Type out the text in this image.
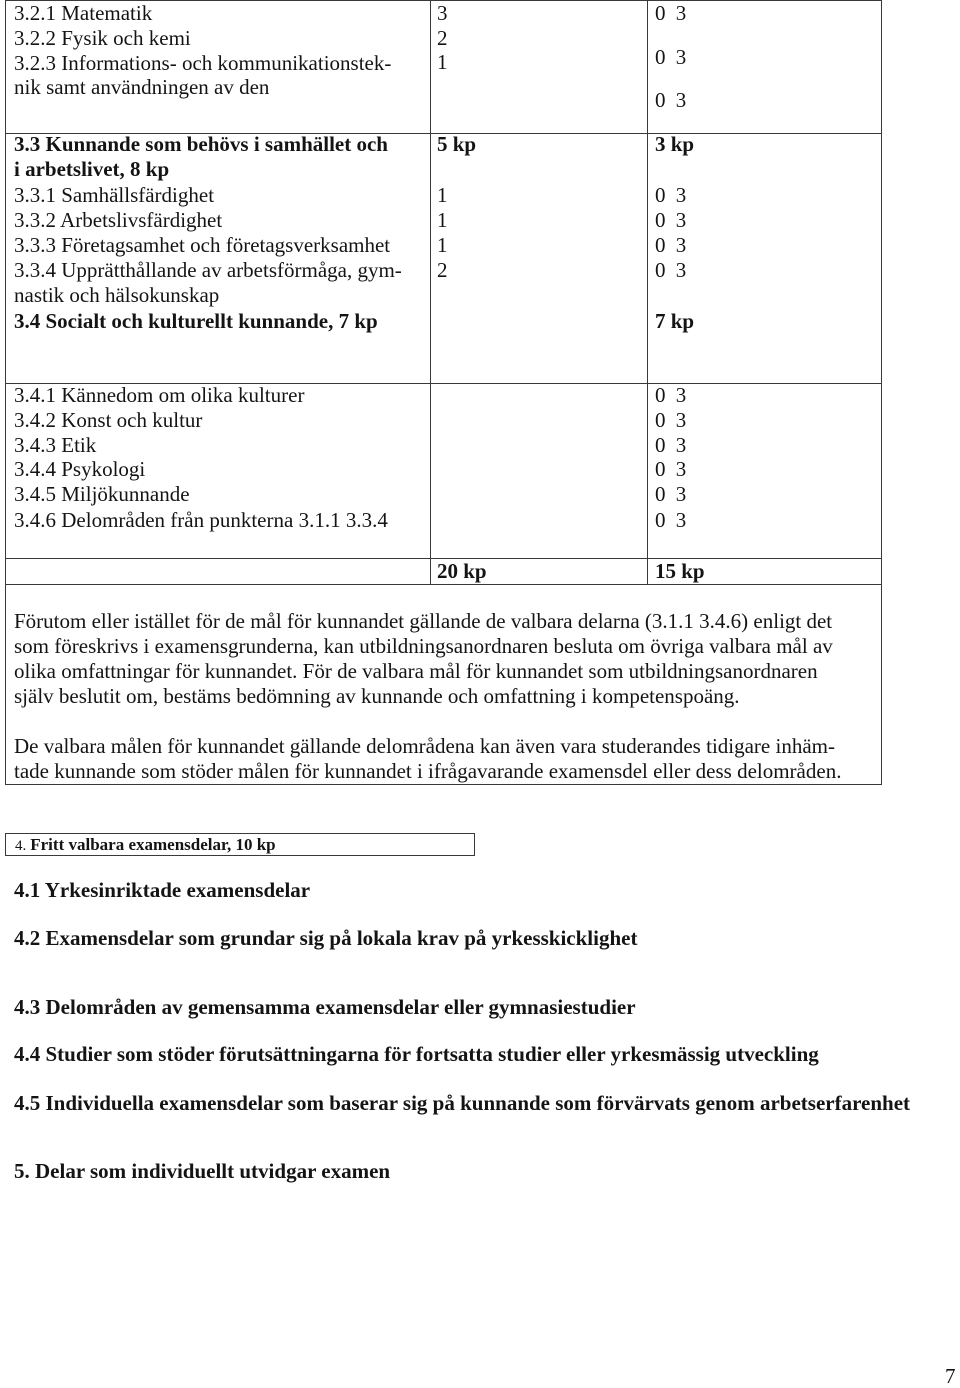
3.2.1 Matematik
3.2.2 Fysik och kemi
3.2.3 Informations- och kommunikationstek-
nik samt användningen av den
3
2
1
0 3
0 3
0 3
3.3 Kunnande som behövs i samhället och
i arbetslivet, 8 kp
3.3.1 Samhällsfärdighet
3.3.2 Arbetslivsfärdighet
3.3.3 Företagsamhet och företagsverksamhet
3.3.4 Upprätthållande av arbetsförmåga, gym-
nastik och hälsokunskap
3.4 Socialt och kulturellt kunnande, 7 kp
5 kp
1
1
1
2
3 kp
0 3
0 3
0 3
0 3
7 kp
3.4.1 Kännedom om olika kulturer
3.4.2 Konst och kultur
3.4.3 Etik
3.4.4 Psykologi
3.4.5 Miljökunnande
3.4.6 Delområden från punkterna 3.1.1 3.3.4
0 3
0 3
0 3
0 3
0 3
0 3
20 kp	15 kp
Förutom eller istället för de mål för kunnandet gällande de valbara delarna (3.1.1 3.4.6) enligt det
som föreskrivs i examensgrunderna, kan utbildningsanordnaren besluta om övriga valbara mål av
olika omfattningar för kunnandet. För de valbara mål för kunnandet som utbildningsanordnaren
själv beslutit om, bestäms bedömning av kunnande och omfattning i kompetenspoäng.
De valbara målen för kunnandet gällande delområdena kan även vara studerandes tidigare inhäm-
tade kunnande som stöder målen för kunnandet i ifrågavarande examensdel eller dess delområden.
4. Fritt valbara examensdelar, 10 kp
4.1 Yrkesinriktade examensdelar
4.2 Examensdelar som grundar sig på lokala krav på yrkesskicklighet
4.3 Delområden av gemensamma examensdelar eller gymnasiestudier
4.4 Studier som stöder förutsättningarna för fortsatta studier eller yrkesmässig utveckling
4.5 Individuella examensdelar som baserar sig på kunnande som förvärvats genom arbetserfarenhet
5. Delar som individuellt utvidgar examen
7
